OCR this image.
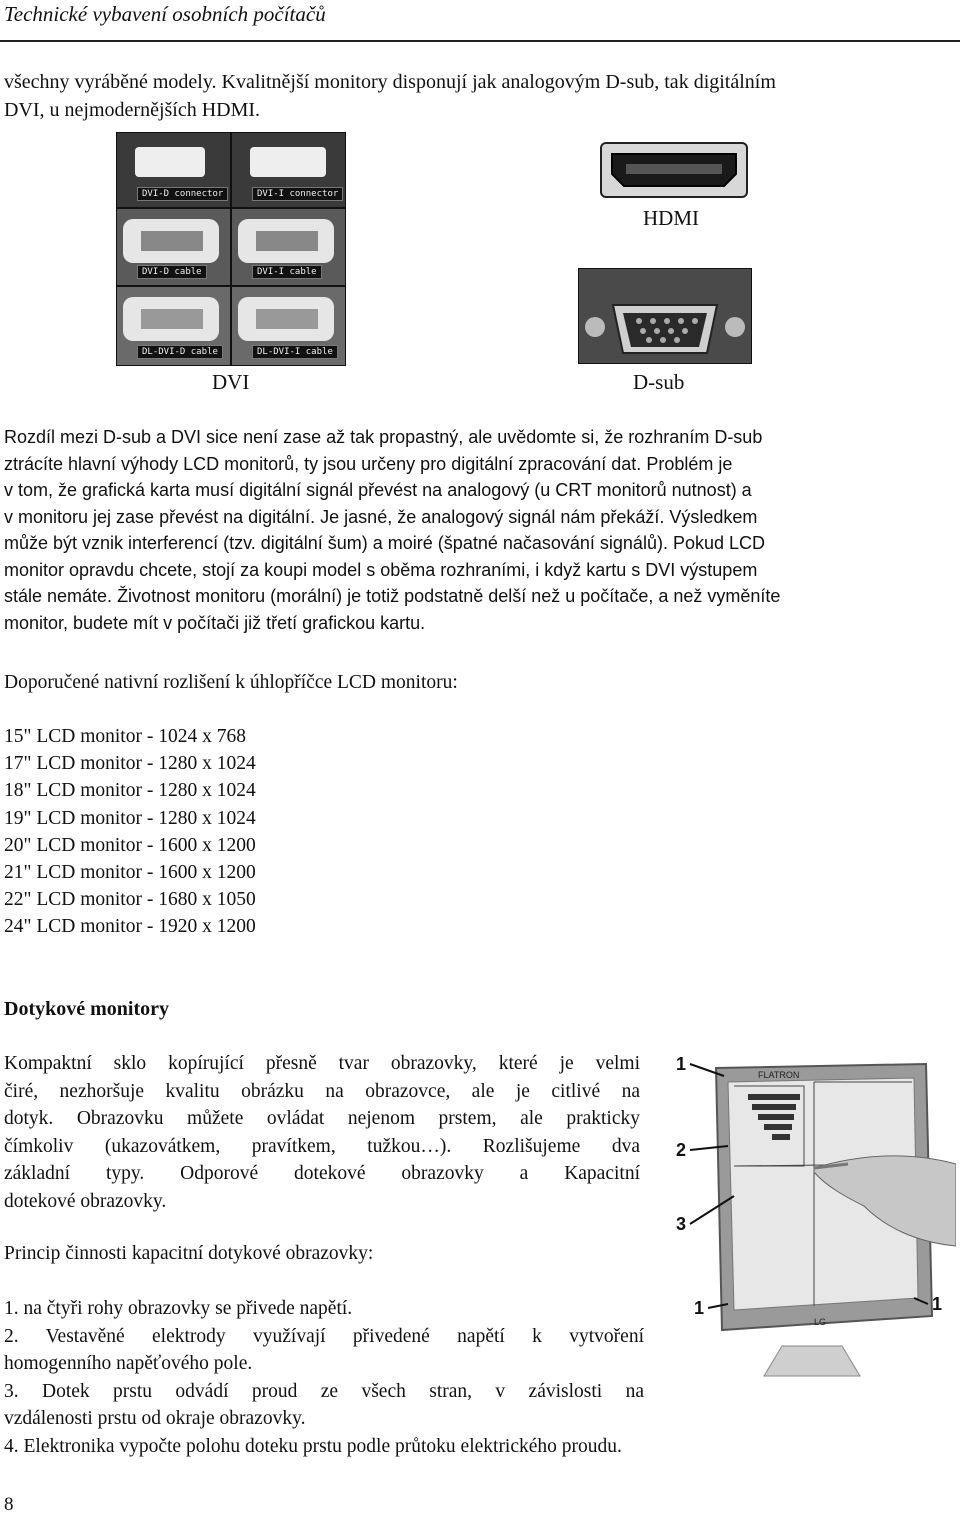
Technické vybavení osobních počítačů
všechny vyráběné modely. Kvalitnější monitory disponují jak analogovým D-sub, tak digitálním
DVI, u nejmodernějších HDMI.
DVI-D connector	DVI-I connector
DVI-D cable	DVI-I cable
DL-DVI-D cable	DL-DVI-I cable
HDMI
DVI	D-sub
Rozdíl mezi D-sub a DVI sice není zase až tak propastný, ale uvědomte si, že rozhraním D-sub
ztrácíte hlavní výhody LCD monitorů, ty jsou určeny pro digitální zpracování dat. Problém je
v tom, že grafická karta musí digitální signál převést na analogový (u CRT monitorů nutnost) a
v monitoru jej zase převést na digitální. Je jasné, že analogový signál nám překáží. Výsledkem
může být vznik interferencí (tzv. digitální šum) a moiré (špatné načasování signálů). Pokud LCD
monitor opravdu chcete, stojí za koupi model s oběma rozhraními, i když kartu s DVI výstupem
stále nemáte. Životnost monitoru (morální) je totiž podstatně delší než u počítače, a než vyměníte
monitor, budete mít v počítači již třetí grafickou kartu.
Doporučené nativní rozlišení k úhlopříčce LCD monitoru:
15" LCD monitor - 1024 x 768
17" LCD monitor - 1280 x 1024
18" LCD monitor - 1280 x 1024
19" LCD monitor - 1280 x 1024
20" LCD monitor - 1600 x 1200
21" LCD monitor - 1600 x 1200
22" LCD monitor - 1680 x 1050
24" LCD monitor - 1920 x 1200
Dotykové monitory
Kompaktní sklo kopírující přesně tvar obrazovky, které je velmi
čiré, nezhoršuje kvalitu obrázku na obrazovce, ale je citlivé na
dotyk. Obrazovku můžete ovládat nejenom prstem, ale prakticky
čímkoliv (ukazovátkem, pravítkem, tužkou…). Rozlišujeme dva
základní typy. Odporové dotekové obrazovky a Kapacitní
dotekové obrazovky.
Princip činnosti kapacitní dotykové obrazovky:
1. na čtyři rohy obrazovky se přivede napětí.
2. Vestavěné elektrody využívají přivedené napětí k vytvoření
homogenního napěťového pole.
3. Dotek prstu odvádí proud ze všech stran, v závislosti na
vzdálenosti prstu od okraje obrazovky.
4. Elektronika vypočte polohu doteku prstu podle průtoku elektrického proudu.
1
2
3
1	1
FLATRON
LG
8
